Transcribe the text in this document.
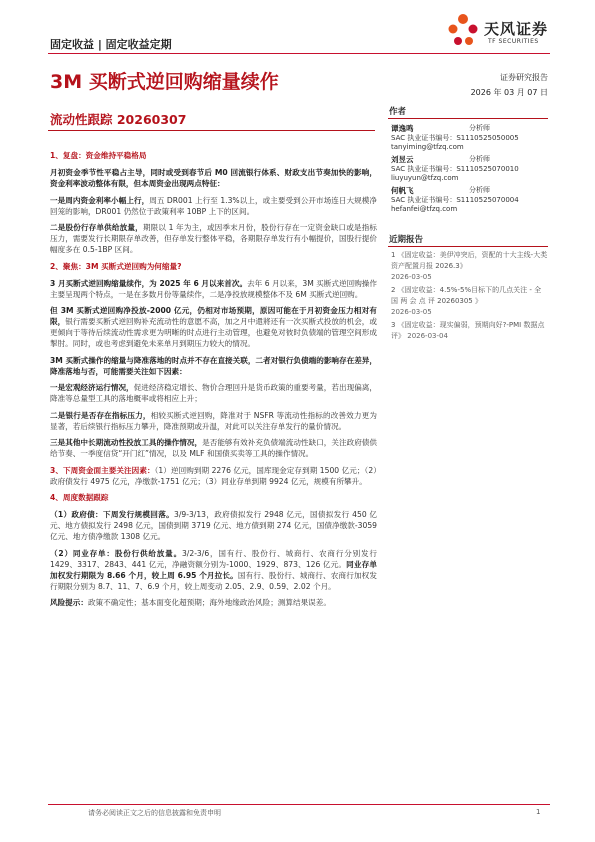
固定收益 | 固定收益定期
天风证券
TF SECURITIES
3M 买断式逆回购缩量续作
流动性跟踪 20260307
证券研究报告
2026 年 03 月 07 日
作者
谭逸鸣	分析师
SAC 执业证书编号：S1110525050005
tanyiming@tfzq.com
刘昱云	分析师
SAC 执业证书编号：S1110525070010
liuyuyun@tfzq.com
何帆飞	分析师
SAC 执业证书编号：S1110525070004
hefanfei@tfzq.com
近期报告
1 《固定收益：美伊冲突后，资配的十大主线-大类资产配置月报 2026.3》
2026-03-05
2 《固定收益：4.5%-5%目标下的几点关注 - 全 国 两 会 点 评 20260305 》
2026-03-05
3 《固定收益：现实偏弱，预期向好?-PMI 数据点评》 2026-03-04

1、复盘：资金维持平稳格局

月初资金季节性平稳占主导，同时或受到春节后 M0 回流银行体系、财政支出节奏加快的影响，资金利率波动整体有限，但本周资金出现两点特征：

一是周内资金利率小幅上行，周五 DR001 上行至 1.3%以上，或主要受到公开市场连日大规模净回笼的影响，DR001 仍然位于政策利率 10BP 上下的区间。

二是股份行存单供给放量，期限以 1 年为主，或因季末月份，股份行存在一定资金缺口或是指标压力，需要发行长期限存单改善，但存单发行整体平稳，各期限存单发行有小幅提价，国股行提价幅度多在 0.5-1BP 区间。

2、聚焦：3M 买断式逆回购为何缩量?

3 月买断式逆回购缩量续作，为 2025 年 6 月以来首次。去年 6 月以来，3M 买断式逆回购操作主要呈现两个特点，一是在多数月份等量续作，二是净投放规模整体不及 6M 买断式逆回购。

但 3M 买断式逆回购净投放-2000 亿元，仍相对市场预期，原因可能在于月初资金压力相对有限，银行需要买断式逆回购补充流动性的意愿不高，加之月中還將还有一次买断式投放的机会，或更倾向于等待后续流动性需求更为明晰的时点进行主动管理，也避免对彼时负债端的管理空间形成掣肘。同时，或也考虑到避免未来单月到期压力较大的情况。

3M 买断式操作的缩量与降准落地的时点并不存在直接关联，二者对银行负债端的影响存在差异，降准落地与否，可能需要关注如下因素：

一是宏观经济运行情况，促进经济稳定增长、物价合理回升是货币政策的重要考量，若出现偏离，降准等总量型工具的落地概率或将相应上升；

二是银行是否存在指标压力，相较买断式逆回购，降准对于 NSFR 等流动性指标的改善效力更为显著，若后续银行指标压力攀升，降准预期或升温，对此可以关注存单发行的量价情况。

三是其他中长期流动性投放工具的操作情况，是否能够有效补充负债端流动性缺口，关注政府债供给节奏、一季度信贷“开门红”情况，以及 MLF 和国债买卖等工具的操作情况。

3、下周资金面主要关注因素：（1）逆回购到期 2276 亿元，国库现金定存到期 1500 亿元；（2）政府债发行 4975 亿元，净缴款-1751 亿元；（3）同业存单到期 9924 亿元，规模有所攀升。

4、周度数据跟踪

（1）政府债：下周发行规模回落。3/9-3/13，政府债拟发行 2948 亿元，国债拟发行 450 亿元、地方债拟发行 2498 亿元，国债到期 3719 亿元、地方债到期 274 亿元，国债净缴款-3059 亿元、地方债净缴款 1308 亿元。

（2）同业存单：股份行供给放量。3/2-3/6，国有行、股份行、城商行、农商行分别发行 1429、3317、2843、441 亿元，净融资额分别为-1000、1929、873、126 亿元。同业存单加权发行期限为 8.66 个月，较上周 6.95 个月拉长。国有行、股份行、城商行、农商行加权发行期限分别为 8.7、11、7、6.9 个月，较上周变动 2.05、2.9、0.59、2.02 个月。

风险提示：政策不确定性；基本面变化超预期；海外地缘政治风险；测算结果误差。

请务必阅读正文之后的信息披露和免责申明	1
